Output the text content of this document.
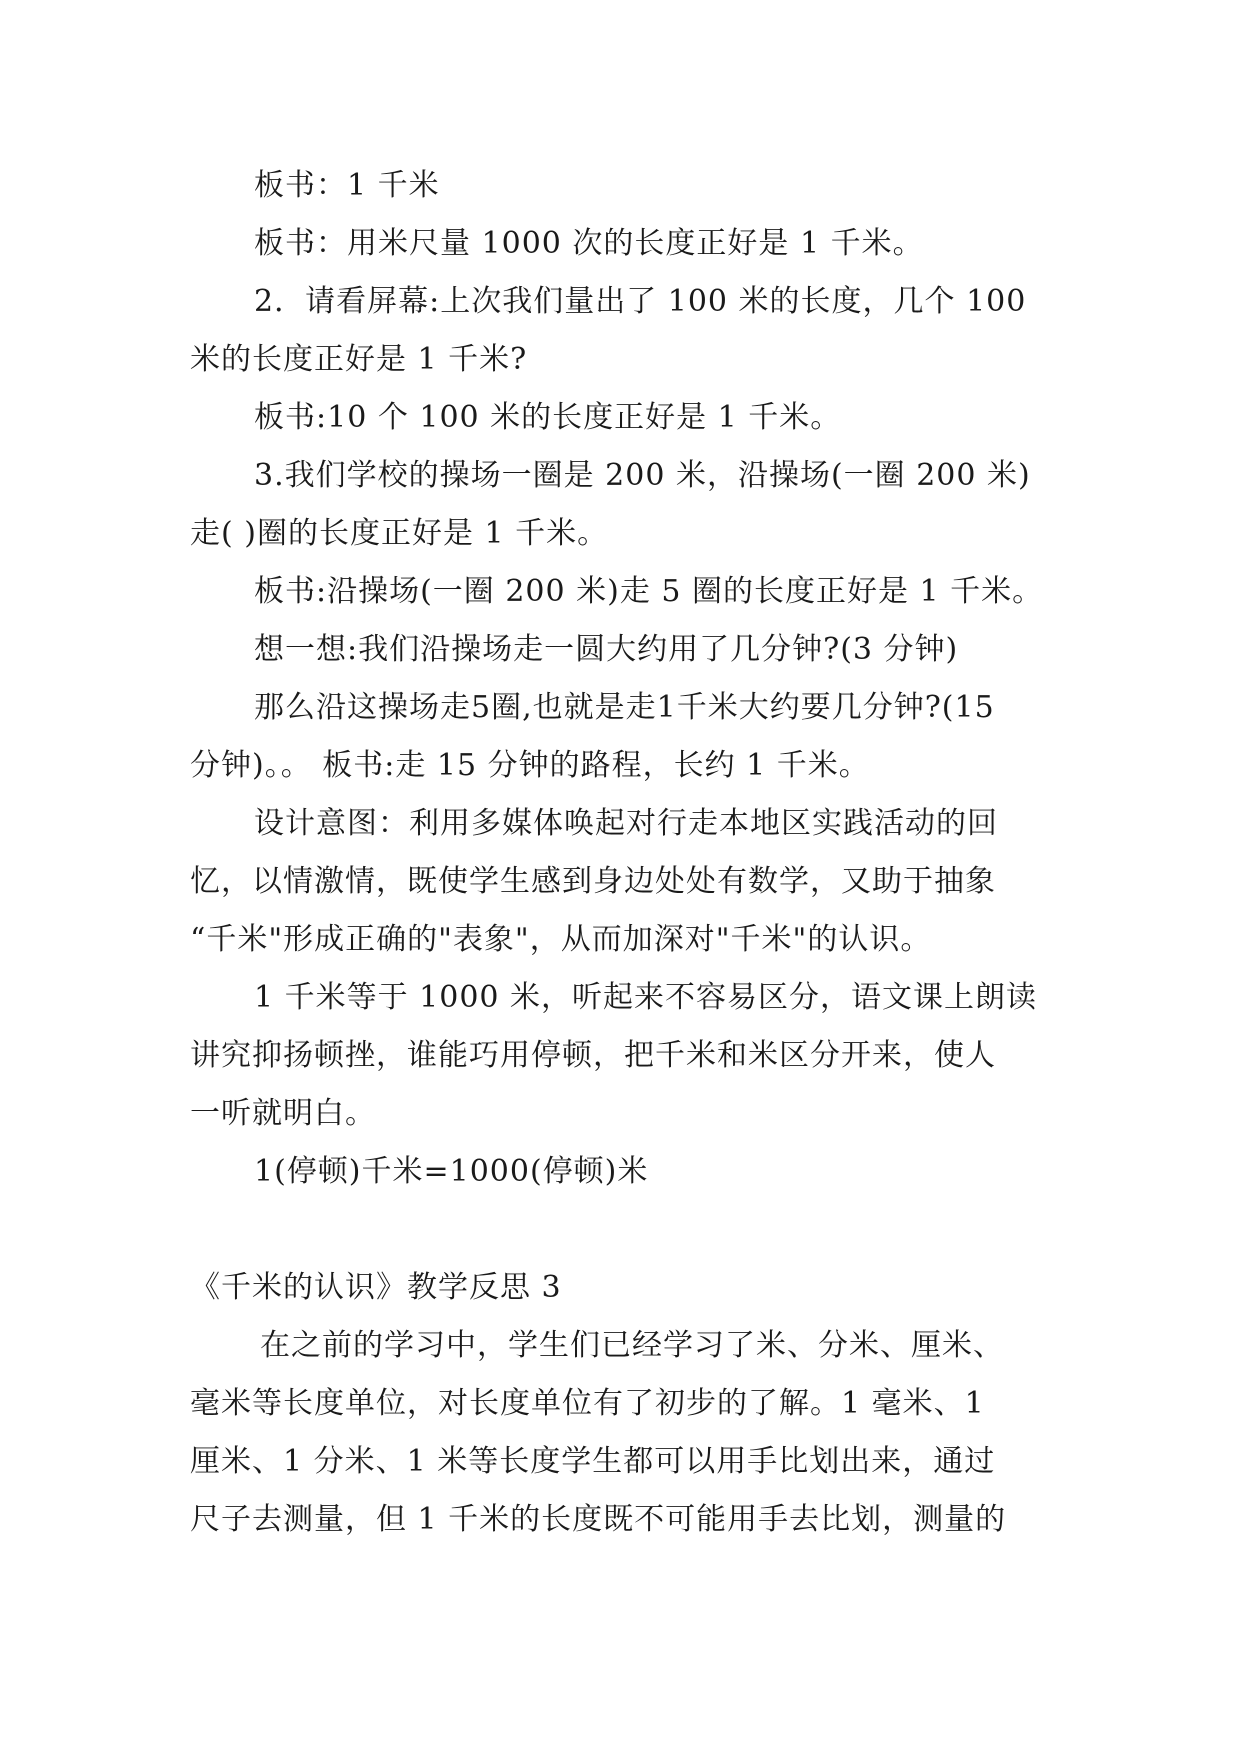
板书：1 千米
板书：用米尺量 1000 次的长度正好是 1 千米。
2．请看屏幕:上次我们量出了 100 米的长度，几个 100
米的长度正好是 1 千米?
板书:10 个 100 米的长度正好是 1 千米。
3.我们学校的操场一圈是 200 米，沿操场(一圈 200 米)
走( )圈的长度正好是 1 千米。
板书:沿操场(一圈 200 米)走 5 圈的长度正好是 1 千米。
想一想:我们沿操场走一圆大约用了几分钟?(3 分钟)
那么沿这操场走5圈,也就是走1千米大约要几分钟?(15
分钟)。。 板书:走 15 分钟的路程，长约 1 千米。
设计意图：利用多媒体唤起对行走本地区实践活动的回
忆，以情激情，既使学生感到身边处处有数学，又助于抽象
“千米"形成正确的"表象"，从而加深对"千米"的认识。
1 千米等于 1000 米，听起来不容易区分，语文课上朗读
讲究抑扬顿挫，谁能巧用停顿，把千米和米区分开来，使人
一听就明白。
1(停顿)千米=1000(停顿)米
《千米的认识》教学反思 3
在之前的学习中，学生们已经学习了米、分米、厘米、
毫米等长度单位，对长度单位有了初步的了解。1 毫米、1
厘米、1 分米、1 米等长度学生都可以用手比划出来，通过
尺子去测量，但 1 千米的长度既不可能用手去比划，测量的
